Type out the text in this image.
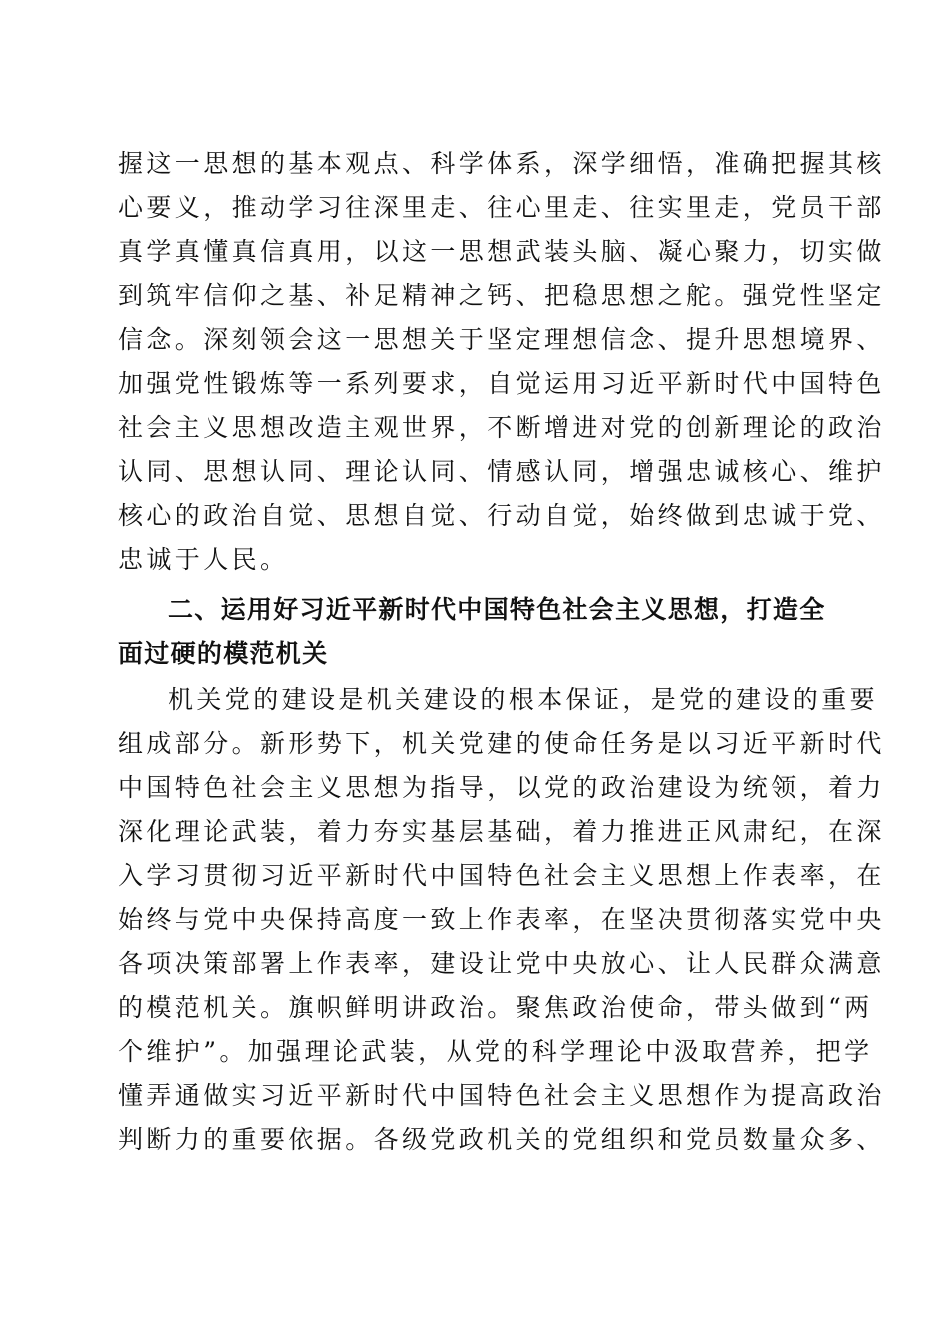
握这一思想的基本观点、科学体系，深学细悟，准确把握其核
心要义，推动学习往深里走、往心里走、往实里走，党员干部
真学真懂真信真用，以这一思想武装头脑、凝心聚力，切实做
到筑牢信仰之基、补足精神之钙、把稳思想之舵。强党性坚定
信念。深刻领会这一思想关于坚定理想信念、提升思想境界、
加强党性锻炼等一系列要求，自觉运用习近平新时代中国特色
社会主义思想改造主观世界，不断增进对党的创新理论的政治
认同、思想认同、理论认同、情感认同，增强忠诚核心、维护
核心的政治自觉、思想自觉、行动自觉，始终做到忠诚于党、
忠诚于人民。
二、运用好习近平新时代中国特色社会主义思想，打造全
面过硬的模范机关
机关党的建设是机关建设的根本保证，是党的建设的重要
组成部分。新形势下，机关党建的使命任务是以习近平新时代
中国特色社会主义思想为指导，以党的政治建设为统领，着力
深化理论武装，着力夯实基层基础，着力推进正风肃纪，在深
入学习贯彻习近平新时代中国特色社会主义思想上作表率，在
始终与党中央保持高度一致上作表率，在坚决贯彻落实党中央
各项决策部署上作表率，建设让党中央放心、让人民群众满意
的模范机关。旗帜鲜明讲政治。聚焦政治使命，带头做到“两
个维护”。加强理论武装，从党的科学理论中汲取营养，把学
懂弄通做实习近平新时代中国特色社会主义思想作为提高政治
判断力的重要依据。各级党政机关的党组织和党员数量众多、
